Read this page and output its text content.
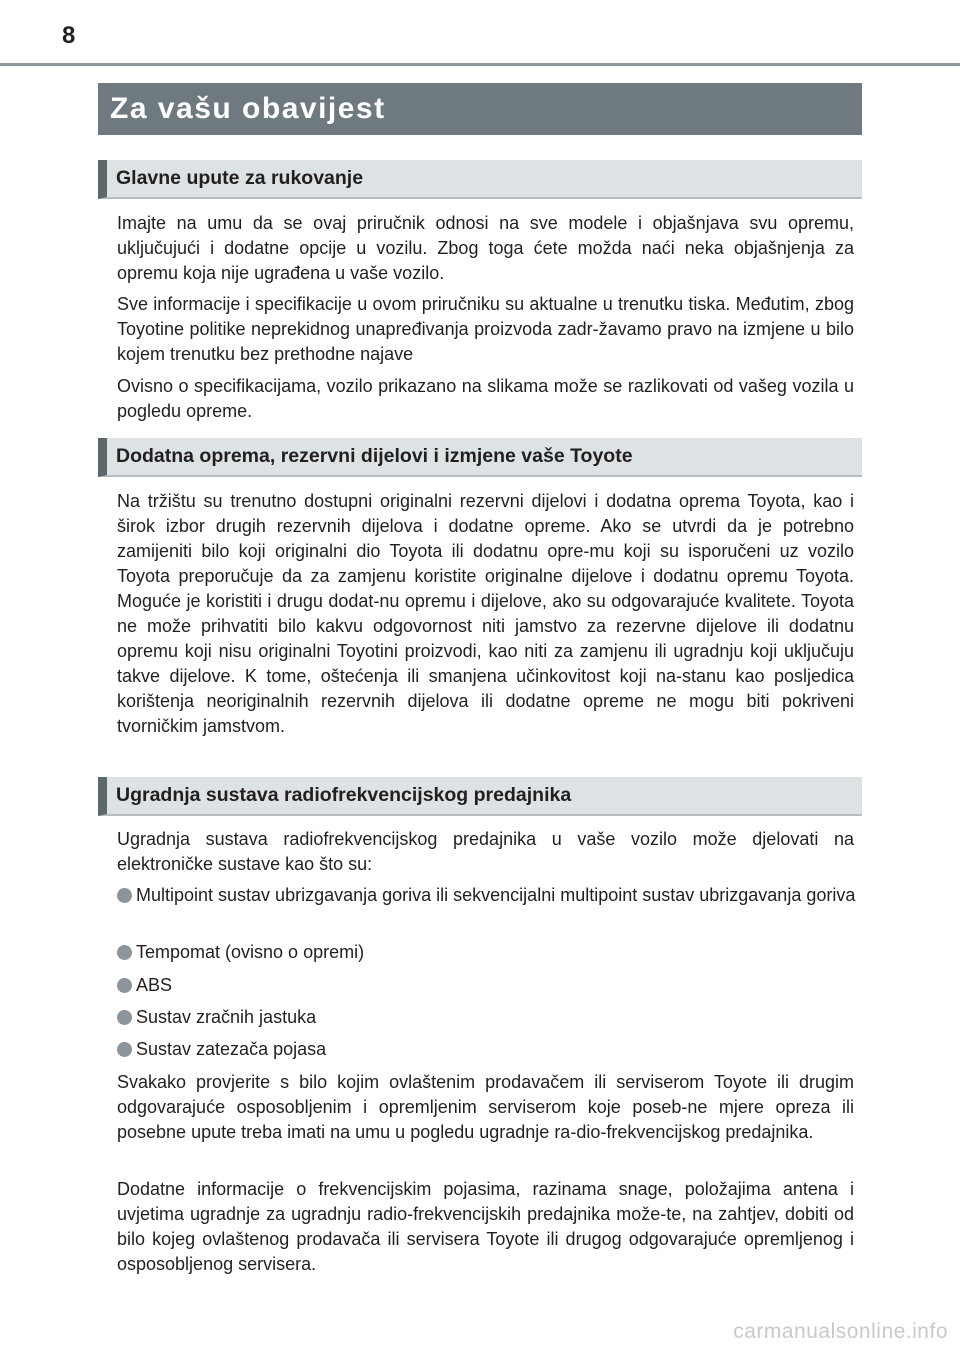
8
Za vašu obavijest
Glavne upute za rukovanje

Imajte na umu da se ovaj priručnik odnosi na sve modele i objašnjava svu opremu, uključujući i dodatne opcije u vozilu. Zbog toga ćete možda naći neka objašnjenja za opremu koja nije ugrađena u vaše vozilo.

Sve informacije i specifikacije u ovom priručniku su aktualne u trenutku tiska. Međutim, zbog Toyotine politike neprekidnog unapređivanja proizvoda zadr-žavamo pravo na izmjene u bilo kojem trenutku bez prethodne najave

Ovisno o specifikacijama, vozilo prikazano na slikama može se razlikovati od vašeg vozila u pogledu opreme.

Dodatna oprema, rezervni dijelovi i izmjene vaše Toyote

Na tržištu su trenutno dostupni originalni rezervni dijelovi i dodatna oprema Toyota, kao i širok izbor drugih rezervnih dijelova i dodatne opreme. Ako se utvrdi da je potrebno zamijeniti bilo koji originalni dio Toyota ili dodatnu opre-mu koji su isporučeni uz vozilo Toyota preporučuje da za zamjenu koristite originalne dijelove i dodatnu opremu Toyota. Moguće je koristiti i drugu dodat-nu opremu i dijelove, ako su odgovarajuće kvalitete. Toyota ne može prihvatiti bilo kakvu odgovornost niti jamstvo za rezervne dijelove ili dodatnu opremu koji nisu originalni Toyotini proizvodi, kao niti za zamjenu ili ugradnju koji uključuju takve dijelove. K tome, oštećenja ili smanjena učinkovitost koji na-stanu kao posljedica korištenja neoriginalnih rezervnih dijelova ili dodatne opreme ne mogu biti pokriveni tvorničkim jamstvom.

Ugradnja sustava radiofrekvencijskog predajnika

Ugradnja sustava radiofrekvencijskog predajnika u vaše vozilo može djelovati na elektroničke sustave kao što su:

Multipoint sustav ubrizgavanja goriva ili sekvencijalni multipoint sustav ubrizgavanja goriva
Tempomat (ovisno o opremi)
ABS
Sustav zračnih jastuka
Sustav zatezača pojasa

Svakako provjerite s bilo kojim ovlaštenim prodavačem ili serviserom Toyote ili drugim odgovarajuće osposobljenim i opremljenim serviserom koje poseb-ne mjere opreza ili posebne upute treba imati na umu u pogledu ugradnje ra-dio-frekvencijskog predajnika.

Dodatne informacije o frekvencijskim pojasima, razinama snage, položajima antena i uvjetima ugradnje za ugradnju radio-frekvencijskih predajnika može-te, na zahtjev, dobiti od bilo kojeg ovlaštenog prodavača ili servisera Toyote ili drugog odgovarajuće opremljenog i osposobljenog servisera.

carmanualsonline.info
